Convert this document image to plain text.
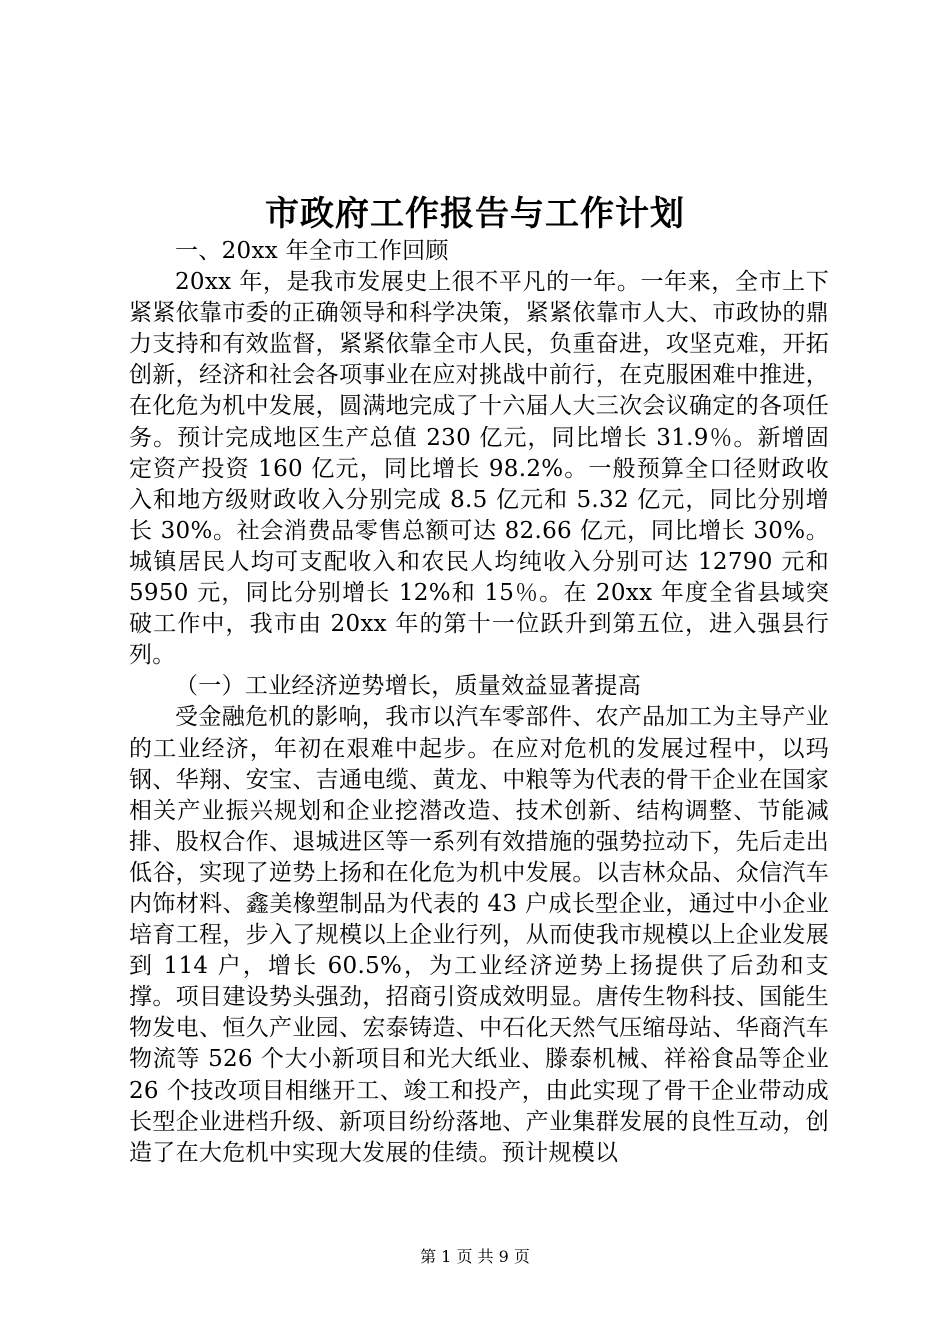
市政府工作报告与工作计划

一、20xx 年全市工作回顾

20xx 年，是我市发展史上很不平凡的一年。一年来，全市上下紧紧依靠市委的正确领导和科学决策，紧紧依靠市人大、市政协的鼎力支持和有效监督，紧紧依靠全市人民，负重奋进，攻坚克难，开拓创新，经济和社会各项事业在应对挑战中前行，在克服困难中推进，在化危为机中发展，圆满地完成了十六届人大三次会议确定的各项任务。预计完成地区生产总值 230 亿元，同比增长 31.9％。新增固定资产投资 160 亿元，同比增长 98.2%。一般预算全口径财政收入和地方级财政收入分别完成 8.5 亿元和 5.32 亿元，同比分别增长 30%。社会消费品零售总额可达 82.66 亿元，同比增长 30%。城镇居民人均可支配收入和农民人均纯收入分别可达 12790 元和 5950 元，同比分别增长 12%和 15％。在 20xx 年度全省县域突破工作中，我市由 20xx 年的第十一位跃升到第五位，进入强县行列。

（一）工业经济逆势增长，质量效益显著提高

受金融危机的影响，我市以汽车零部件、农产品加工为主导产业的工业经济，年初在艰难中起步。在应对危机的发展过程中，以玛钢、华翔、安宝、吉通电缆、黄龙、中粮等为代表的骨干企业在国家相关产业振兴规划和企业挖潜改造、技术创新、结构调整、节能减排、股权合作、退城进区等一系列有效措施的强势拉动下，先后走出低谷，实现了逆势上扬和在化危为机中发展。以吉林众品、众信汽车内饰材料、鑫美橡塑制品为代表的 43 户成长型企业，通过中小企业培育工程，步入了规模以上企业行列，从而使我市规模以上企业发展到 114 户，增长 60.5%，为工业经济逆势上扬提供了后劲和支撑。项目建设势头强劲，招商引资成效明显。唐传生物科技、国能生物发电、恒久产业园、宏泰铸造、中石化天然气压缩母站、华商汽车物流等 526 个大小新项目和光大纸业、滕泰机械、祥裕食品等企业 26 个技改项目相继开工、竣工和投产，由此实现了骨干企业带动成长型企业进档升级、新项目纷纷落地、产业集群发展的良性互动，创造了在大危机中实现大发展的佳绩。预计规模以

第 1 页 共 9 页
